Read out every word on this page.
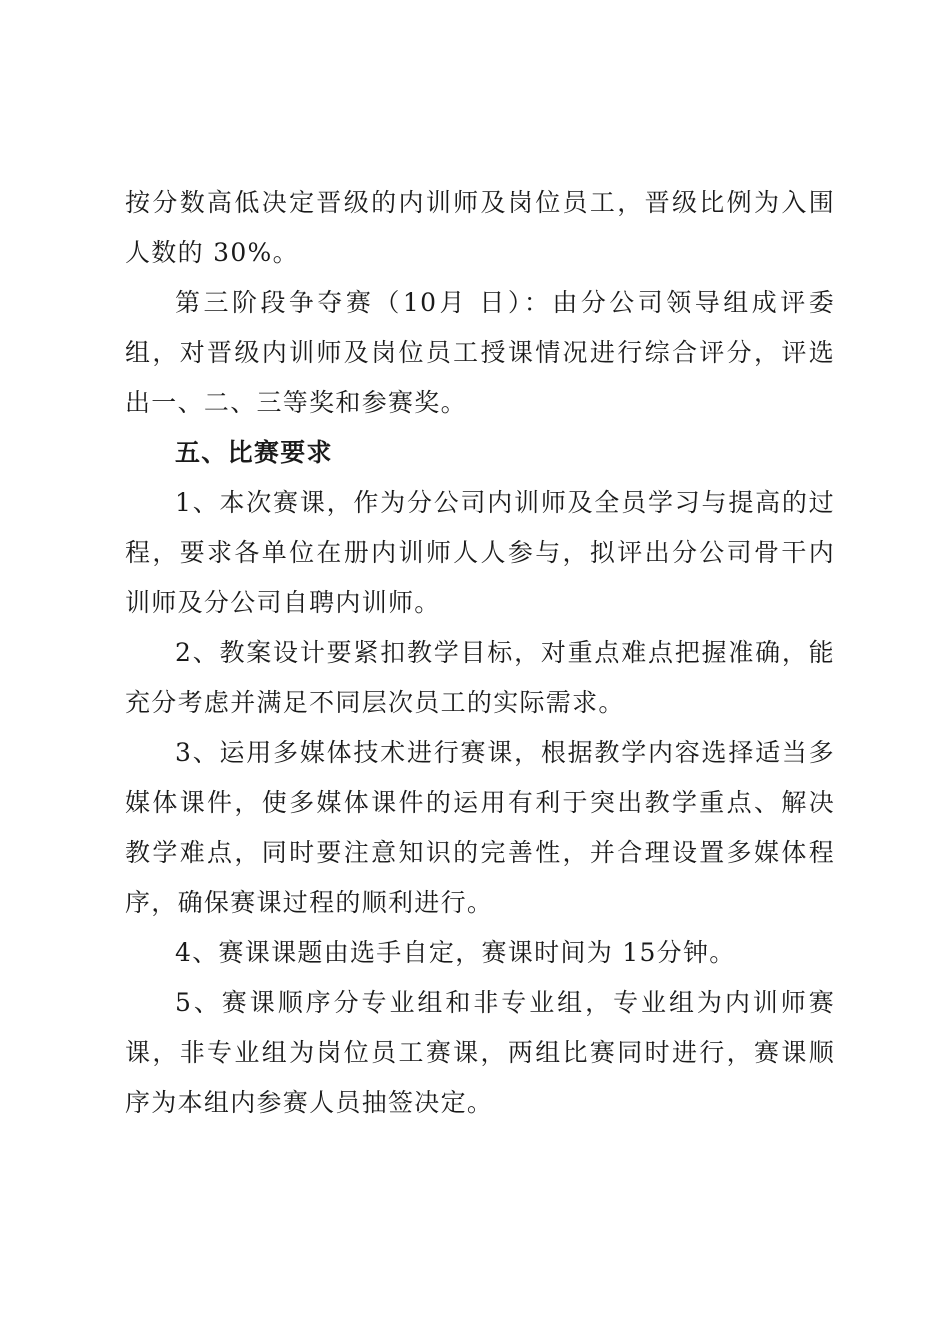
按分数高低决定晋级的内训师及岗位员工，晋级比例为入围人数的 30%。

第三阶段争夺赛（10月 日）：由分公司领导组成评委组，对晋级内训师及岗位员工授课情况进行综合评分，评选出一、二、三等奖和参赛奖。

五、比赛要求

1、本次赛课，作为分公司内训师及全员学习与提高的过程，要求各单位在册内训师人人参与，拟评出分公司骨干内训师及分公司自聘内训师。

2、教案设计要紧扣教学目标，对重点难点把握准确，能充分考虑并满足不同层次员工的实际需求。

3、运用多媒体技术进行赛课，根据教学内容选择适当多媒体课件，使多媒体课件的运用有利于突出教学重点、解决教学难点，同时要注意知识的完善性，并合理设置多媒体程序，确保赛课过程的顺利进行。

4、赛课课题由选手自定，赛课时间为 15分钟。

5、赛课顺序分专业组和非专业组，专业组为内训师赛课，非专业组为岗位员工赛课，两组比赛同时进行，赛课顺序为本组内参赛人员抽签决定。
